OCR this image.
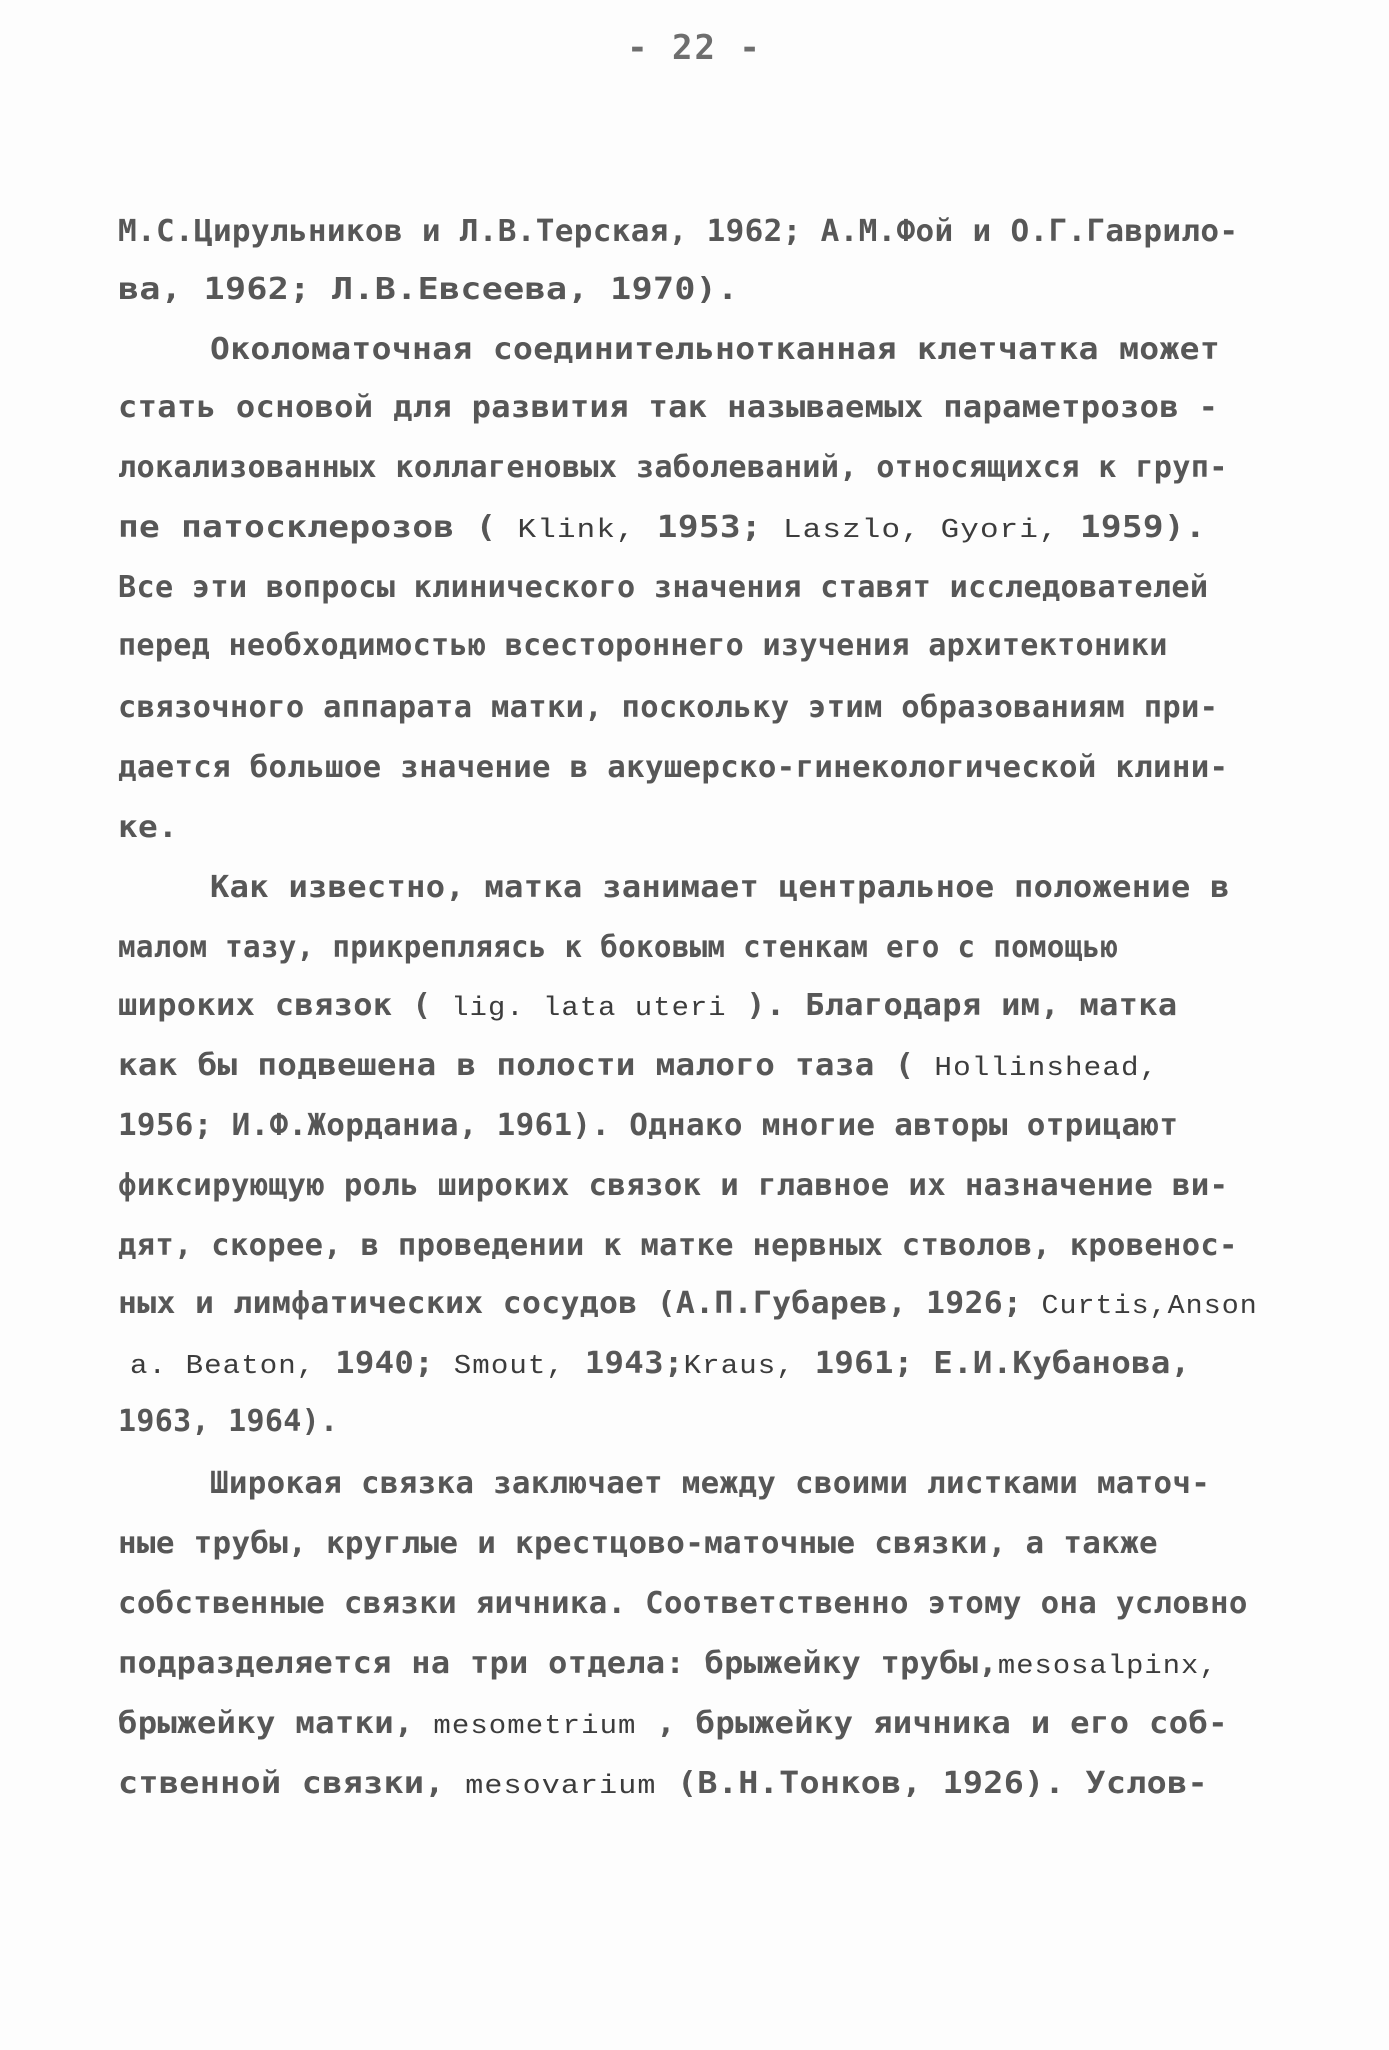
- 22 -
М.С.Цирульников и Л.В.Терская, 1962; А.М.Фой и О.Г.Гаврило-
ва, 1962; Л.В.Евсеева, 1970).
Околоматочная соединительнотканная клетчатка может
стать основой для развития так называемых параметрозов -
локализованных коллагеновых заболеваний, относящихся к груп-
пе патосклерозов ( Klink, 1953; Laszlo, Gyori, 1959).
Все эти вопросы клинического значения ставят исследователей
перед необходимостью всестороннего изучения архитектоники
связочного аппарата матки, поскольку этим образованиям при-
дается большое значение в акушерско-гинекологической клини-
ке.
Как известно, матка занимает центральное положение в
малом тазу, прикрепляясь к боковым стенкам его с помощью
широких связок ( lig. lata uteri ). Благодаря им, матка
как бы подвешена в полости малого таза ( Hollinshead,
1956; И.Ф.Жорданиа, 1961). Однако многие авторы отрицают
фиксирующую роль широких связок и главное их назначение ви-
дят, скорее, в проведении к матке нервных стволов, кровенос-
ных и лимфатических сосудов (А.П.Губарев, 1926; Curtis,Anson
a. Beaton, 1940; Smout, 1943;Kraus, 1961; Е.И.Кубанова,
1963, 1964).
Широкая связка заключает между своими листками маточ-
ные трубы, круглые и крестцово-маточные связки, а также
собственные связки яичника. Соответственно этому она условно
подразделяется на три отдела: брыжейку трубы,mesosalpinx,
брыжейку матки, mesometrium , брыжейку яичника и его соб-
ственной связки, mesovarium (В.Н.Тонков, 1926). Услов-
